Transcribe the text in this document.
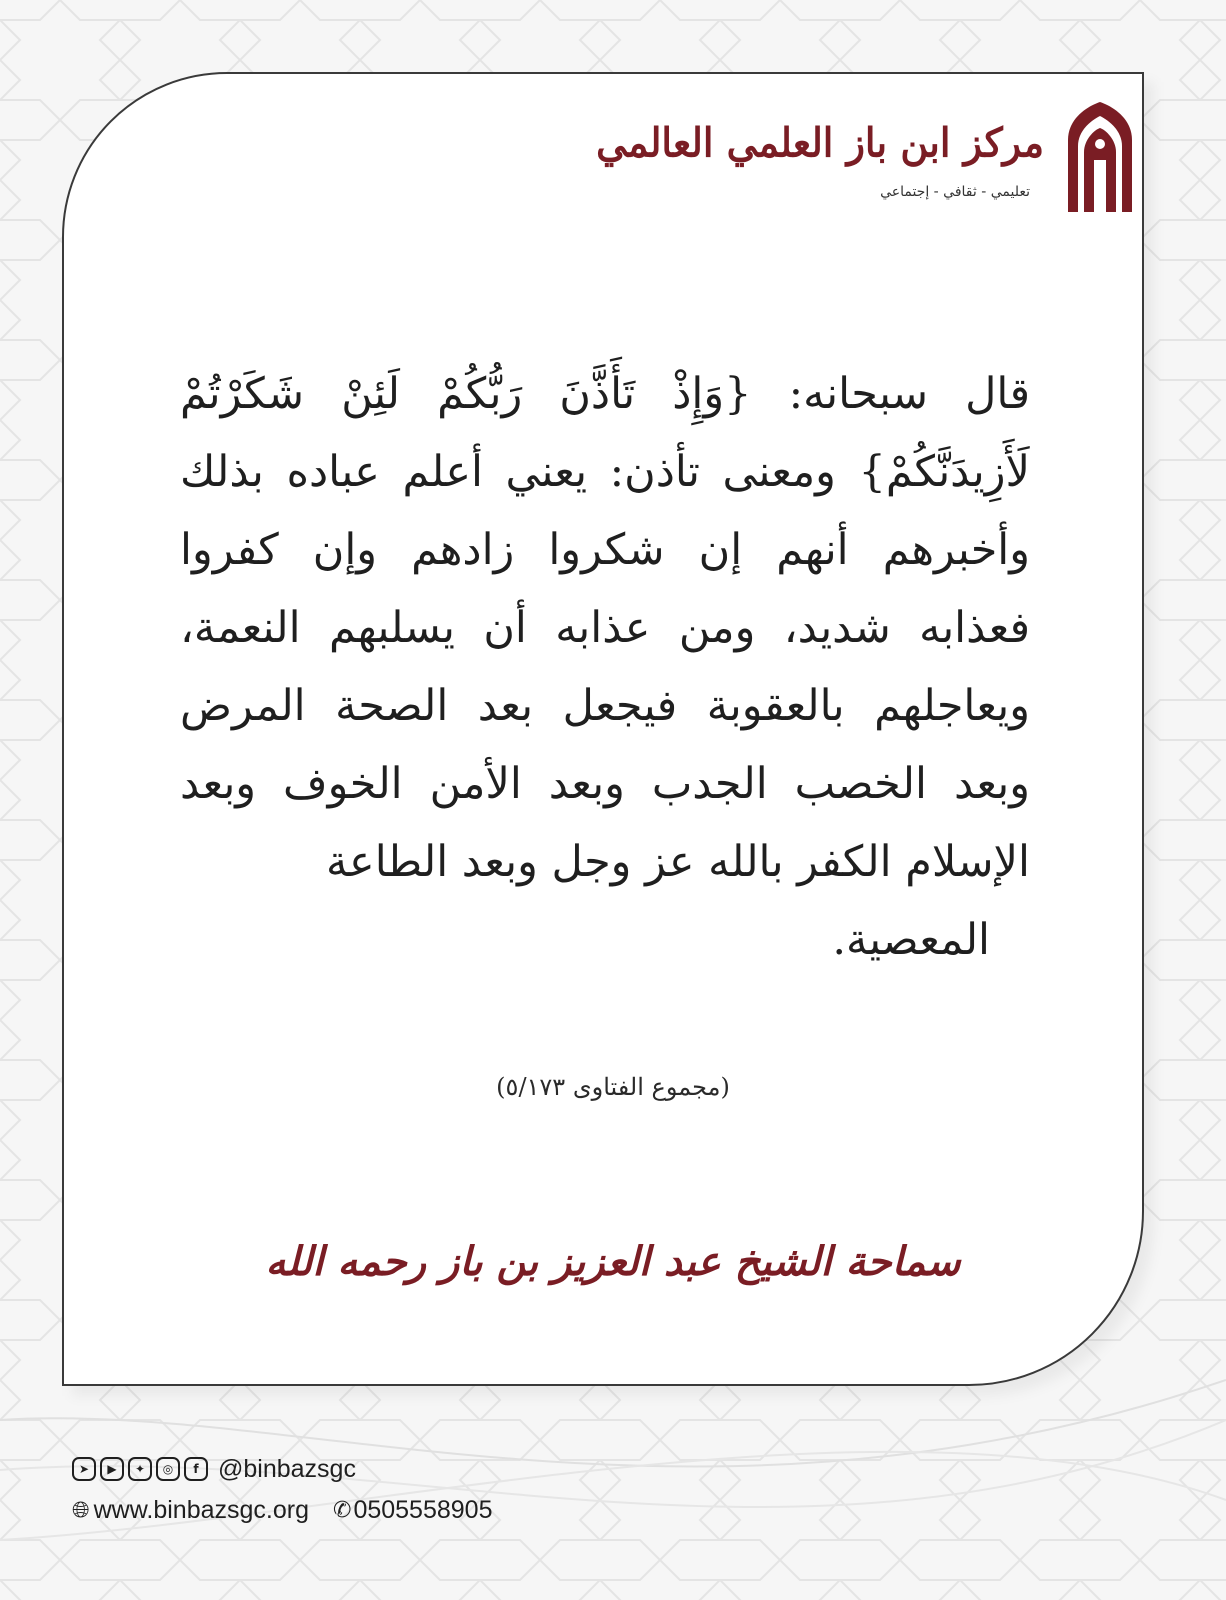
مركز ابن باز العلمي العالمي
تعليمي - ثقافي - إجتماعي
قال سبحانه: {وَإِذْ تَأَذَّنَ رَبُّكُمْ لَئِنْ شَكَرْتُمْ لَأَزِيدَنَّكُمْ} ومعنى تأذن: يعني أعلم عباده بذلك وأخبرهم أنهم إن شكروا زادهم وإن كفروا فعذابه شديد، ومن عذابه أن يسلبهم النعمة، ويعاجلهم بالعقوبة فيجعل بعد الصحة المرض وبعد الخصب الجدب وبعد الأمن الخوف وبعد الإسلام الكفر بالله عز وجل وبعد الطاعة
المعصية.
(مجموع الفتاوى ٥/١٧٣)
سماحة الشيخ عبد العزيز بن باز رحمه الله
➤	▶	✦	◎	f @binbazsgc
🌐︎ www.binbazsgc.org ✆ 0505558905
